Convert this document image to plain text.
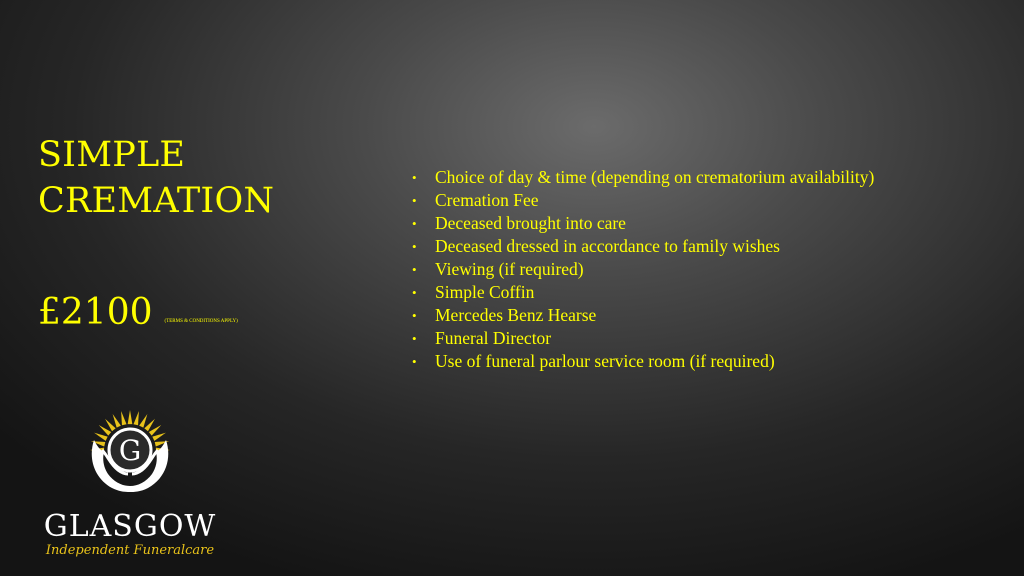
SIMPLE
CREMATION
£2100 (TERMS & CONDITIONS APPLY)
• Choice of day & time (depending on crematorium availability)
• Cremation Fee
• Deceased brought into care
• Deceased dressed in accordance to family wishes
• Viewing (if required)
• Simple Coffin
• Mercedes Benz Hearse
• Funeral Director
• Use of funeral parlour service room (if required)
G
GLASGOW
Independent Funeralcare
